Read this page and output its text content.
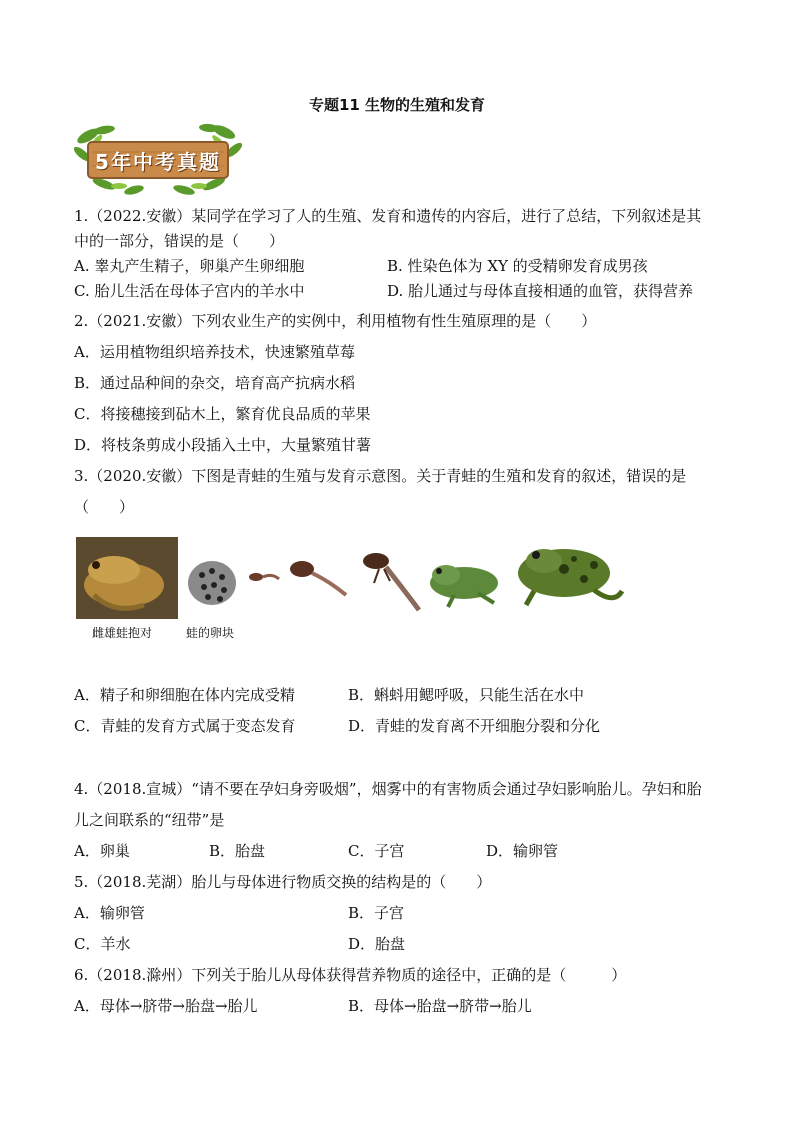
专题11 生物的生殖和发育
5年中考真题
1.（2022.安徽）某同学在学习了人的生殖、发育和遗传的内容后，进行了总结，下列叙述是其
中的一部分，错误的是（　　）
A. 睾丸产生精子，卵巢产生卵细胞	B. 性染色体为 XY 的受精卵发育成男孩
C. 胎儿生活在母体子宫内的羊水中	D. 胎儿通过与母体直接相通的血管，获得营养
2.（2021.安徽）下列农业生产的实例中，利用植物有性生殖原理的是（　　）
A．运用植物组织培养技术，快速繁殖草莓
B．通过品种间的杂交，培育高产抗病水稻
C．将接穗接到砧木上，繁育优良品质的苹果
D．将枝条剪成小段插入土中，大量繁殖甘薯
3.（2020.安徽）下图是青蛙的生殖与发育示意图。关于青蛙的生殖和发育的叙述，错误的是
（　　）
雌雄蛙抱对	蛙的卵块
A．精子和卵细胞在体内完成受精	B．蝌蚪用鳃呼吸，只能生活在水中
C．青蛙的发育方式属于变态发育	D．青蛙的发育离不开细胞分裂和分化
4.（2018.宣城）“请不要在孕妇身旁吸烟”，烟雾中的有害物质会通过孕妇影响胎儿。孕妇和胎
儿之间联系的“纽带”是
A．卵巢	B．胎盘	C．子宫	D．输卵管
5.（2018.芜湖）胎儿与母体进行物质交换的结构是的（　　）
A．输卵管	B．子宫
C．羊水	D．胎盘
6.（2018.滁州）下列关于胎儿从母体获得营养物质的途径中，正确的是（　　　）
A．母体→脐带→胎盘→胎儿	B．母体→胎盘→脐带→胎儿
